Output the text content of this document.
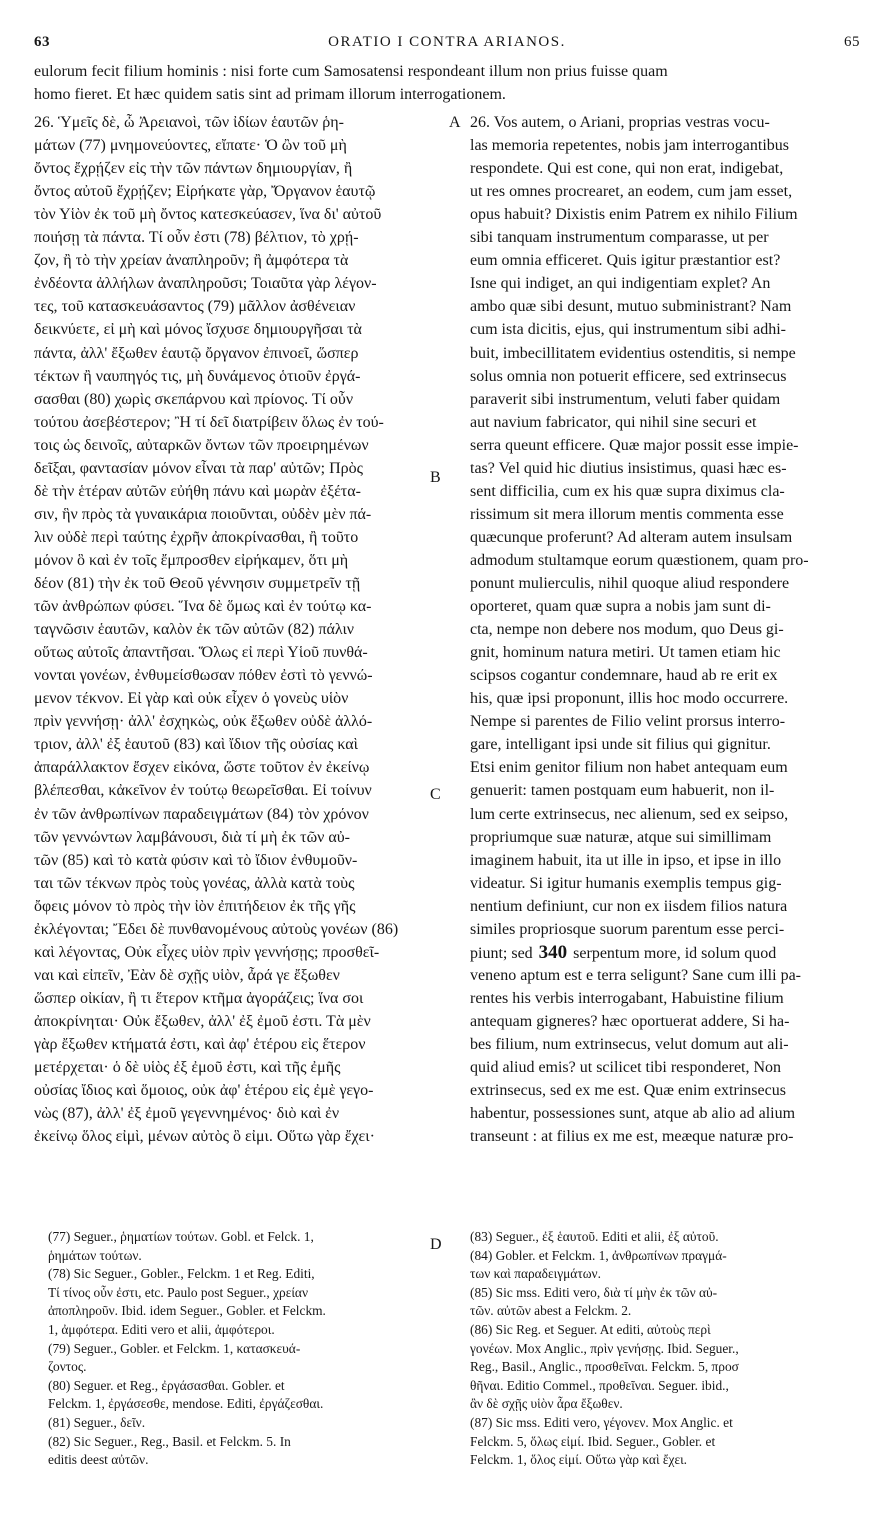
63	ORATIO I CONTRA ARIANOS.	65
eulorum fecit filium hominis : nisi forte cum Samosatensi respondeant illum non prius fuisse quam
homo fieret. Et hæc quidem satis sint ad primam illorum interrogationem.
26. Ὑμεῖς δὲ, ὦ Ἀρειανοὶ, τῶν ἰδίων ἑαυτῶν ῥη-
μάτων (77) μνημονεύοντες, εἴπατε· Ὁ ὢν τοῦ μὴ
ὄντος ἔχρῄζεν εἰς τὴν τῶν πάντων δημιουργίαν, ἢ
ὄντος αὐτοῦ ἔχρῄζεν; Εἰρήκατε γὰρ, Ὄργανον ἑαυτῷ
τὸν Υἱὸν ἐκ τοῦ μὴ ὄντος κατεσκεύασεν, ἵνα δι' αὐτοῦ
ποιήσῃ τὰ πάντα. Τί οὖν ἐστι (78) βέλτιον, τὸ χρῄ-
ζον, ἢ τὸ τὴν χρείαν ἀναπληροῦν; ἢ ἀμφότερα τὰ
ἐνδέοντα ἀλλήλων ἀναπληροῦσι; Τοιαῦτα γὰρ λέγον-
τες, τοῦ κατασκευάσαντος (79) μᾶλλον ἀσθένειαν
δεικνύετε, εἰ μὴ καὶ μόνος ἴσχυσε δημιουργῆσαι τὰ
πάντα, ἀλλ' ἔξωθεν ἑαυτῷ ὄργανον ἐπινοεῖ, ὥσπερ
τέκτων ἢ ναυπηγός τις, μὴ δυνάμενος ὁτιοῦν ἐργά-
σασθαι (80) χωρὶς σκεπάρνου καὶ πρίονος. Τί οὖν
τούτου ἀσεβέστερον; Ἢ τί δεῖ διατρίβειν ὅλως ἐν τού-
τοις ὡς δεινοῖς, αὐταρκῶν ὄντων τῶν προειρημένων
δεῖξαι, φαντασίαν μόνον εἶναι τὰ παρ' αὐτῶν; Πρὸς
δὲ τὴν ἑτέραν αὐτῶν εὐήθη πάνυ καὶ μωρὰν ἐξέτα-
σιν, ἣν πρὸς τὰ γυναικάρια ποιοῦνται, οὐδὲν μὲν πά-
λιν οὐδὲ περὶ ταύτης ἐχρῆν ἀποκρίνασθαι, ἢ τοῦτο
μόνον ὃ καὶ ἐν τοῖς ἔμπροσθεν εἰρήκαμεν, ὅτι μὴ
δέον (81) τὴν ἐκ τοῦ Θεοῦ γέννησιν συμμετρεῖν τῇ
τῶν ἀνθρώπων φύσει. Ἵνα δὲ ὅμως καὶ ἐν τούτῳ κα-
ταγνῶσιν ἑαυτῶν, καλὸν ἐκ τῶν αὐτῶν (82) πάλιν
οὕτως αὐτοῖς ἀπαντῆσαι. Ὅλως εἰ περὶ Υἱοῦ πυνθά-
νονται γονέων, ἐνθυμείσθωσαν πόθεν ἐστὶ τὸ γεννώ-
μενον τέκνον. Εἰ γὰρ καὶ οὐκ εἶχεν ὁ γονεὺς υἱὸν
πρὶν γεννήσῃ· ἀλλ' ἐσχηκὼς, οὐκ ἔξωθεν οὐδὲ ἀλλό-
τριον, ἀλλ' ἐξ ἑαυτοῦ (83) καὶ ἴδιον τῆς οὐσίας καὶ
ἀπαράλλακτον ἔσχεν εἰκόνα, ὥστε τοῦτον ἐν ἐκείνῳ
βλέπεσθαι, κἀκεῖνον ἐν τούτῳ θεωρεῖσθαι. Εἰ τοίνυν
ἐν τῶν ἀνθρωπίνων παραδειγμάτων (84) τὸν χρόνον
τῶν γεννώντων λαμβάνουσι, διὰ τί μὴ ἐκ τῶν αὐ-
τῶν (85) καὶ τὸ κατὰ φύσιν καὶ τὸ ἴδιον ἐνθυμοῦν-
ται τῶν τέκνων πρὸς τοὺς γονέας, ἀλλὰ κατὰ τοὺς
ὄφεις μόνον τὸ πρὸς τὴν ἰὸν ἐπιτήδειον ἐκ τῆς γῆς
ἐκλέγονται; Ἔδει δὲ πυνθανομένους αὐτοὺς γονέων (86)
καὶ λέγοντας, Οὐκ εἶχες υἱὸν πρὶν γεννήσῃς; προσθεῖ-
ναι καὶ εἰπεῖν, Ἐὰν δὲ σχῇς υἱὸν, ἆρά γε ἔξωθεν
ὥσπερ οἰκίαν, ἢ τι ἕτερον κτῆμα ἀγοράζεις; ἵνα σοι
ἀποκρίνηται· Οὐκ ἔξωθεν, ἀλλ' ἐξ ἐμοῦ ἐστι. Τὰ μὲν
γὰρ ἔξωθεν κτήματά ἐστι, καὶ ἀφ' ἑτέρου εἰς ἕτερον
μετέρχεται· ὁ δὲ υἱὸς ἐξ ἐμοῦ ἐστι, καὶ τῆς ἐμῆς
οὐσίας ἴδιος καὶ ὅμοιος, οὐκ ἀφ' ἑτέρου εἰς ἐμὲ γεγο-
νὼς (87), ἀλλ' ἐξ ἐμοῦ γεγεννημένος· διὸ καὶ ἐν
ἐκείνῳ ὅλος εἰμὶ, μένων αὐτὸς ὃ εἰμι. Οὕτω γὰρ ἔχει·
26. Vos autem, o Ariani, proprias vestras vocu-
las memoria repetentes, nobis jam interrogantibus
respondete. Qui est cone, qui non erat, indigebat,
ut res omnes procrearet, an eodem, cum jam esset,
opus habuit? Dixistis enim Patrem ex nihilo Filium
sibi tanquam instrumentum comparasse, ut per
eum omnia efficeret. Quis igitur præstantior est?
Isne qui indiget, an qui indigentiam explet? An
ambo quæ sibi desunt, mutuo subministrant? Nam
cum ista dicitis, ejus, qui instrumentum sibi adhi-
buit, imbecillitatem evidentius ostenditis, si nempe
solus omnia non potuerit efficere, sed extrinsecus
paraverit sibi instrumentum, veluti faber quidam
aut navium fabricator, qui nihil sine securi et
serra queunt efficere. Quæ major possit esse impie-
tas? Vel quid hic diutius insistimus, quasi hæc es-
sent difficilia, cum ex his quæ supra diximus cla-
rissimum sit mera illorum mentis commenta esse
quæcunque proferunt? Ad alteram autem insulsam
admodum stultamque eorum quæstionem, quam pro-
ponunt mulierculis, nihil quoque aliud respondere
oporteret, quam quæ supra a nobis jam sunt di-
cta, nempe non debere nos modum, quo Deus gi-
gnit, hominum natura metiri. Ut tamen etiam hic
scipsos cogantur condemnare, haud ab re erit ex
his, quæ ipsi proponunt, illis hoc modo occurrere.
Nempe si parentes de Filio velint prorsus interro-
gare, intelligant ipsi unde sit filius qui gignitur.
Etsi enim genitor filium non habet antequam eum
genuerit: tamen postquam eum habuerit, non il-
lum certe extrinsecus, nec alienum, sed ex seipso,
propriumque suæ naturæ, atque sui simillimam
imaginem habuit, ita ut ille in ipso, et ipse in illo
videatur. Si igitur humanis exemplis tempus gig-
nentium definiunt, cur non ex iisdem filios natura
similes propriosque suorum parentum esse perci-
piunt; sed 340 serpentum more, id solum quod
veneno aptum est e terra seligunt? Sane cum illi pa-
rentes his verbis interrogabant, Habuistine filium
antequam gigneres? hæc oportuerat addere, Si ha-
bes filium, num extrinsecus, velut domum aut ali-
quid aliud emis? ut scilicet tibi responderet, Non
extrinsecus, sed ex me est. Quæ enim extrinsecus
habentur, possessiones sunt, atque ab alio ad alium
transeunt : at filius ex me est, meæque naturæ pro-
A
B
C
D
(77) Seguer., ῥηματίων τούτων. Gobl. et Felck. 1,
ῥημάτων τούτων.
(78) Sic Seguer., Gobler., Felckm. 1 et Reg. Editi,
Τί τίνος οὖν ἐστι, etc. Paulo post Seguer., χρείαν
ἀποπληροῦν. Ibid. idem Seguer., Gobler. et Felckm.
1, ἀμφότερα. Editi vero et alii, ἀμφότεροι.
(79) Seguer., Gobler. et Felckm. 1, κατασκευά-
ζοντος.
(80) Seguer. et Reg., ἐργάσασθαι. Gobler. et
Felckm. 1, ἐργάσεσθε, mendose. Editi, ἐργάζεσθαι.
(81) Seguer., δεῖν.
(82) Sic Seguer., Reg., Basil. et Felckm. 5. In
editis deest αὐτῶν.
(83) Seguer., ἐξ ἑαυτοῦ. Editi et alii, ἐξ αὐτοῦ.
(84) Gobler. et Felckm. 1, ἀνθρωπίνων πραγμά-
των καὶ παραδειγμάτων.
(85) Sic mss. Editi vero, διὰ τί μὴν ἐκ τῶν αὐ-
τῶν. αὐτῶν abest a Felckm. 2.
(86) Sic Reg. et Seguer. At editi, αὐτοὺς περὶ
γονέων. Mox Anglic., πρὶν γενήσῃς. Ibid. Seguer.,
Reg., Basil., Anglic., προσθεῖναι. Felckm. 5, προσ
θῆναι. Editio Commel., προθεῖναι. Seguer. ibid.,
ἂν δὲ σχῇς υἱὸν ἆρα ἔξωθεν.
(87) Sic mss. Editi vero, γέγονεν. Mox Anglic. et
Felckm. 5, ὅλως εἰμί. Ibid. Seguer., Gobler. et
Felckm. 1, ὅλος εἰμί. Οὕτω γὰρ καὶ ἔχει.
